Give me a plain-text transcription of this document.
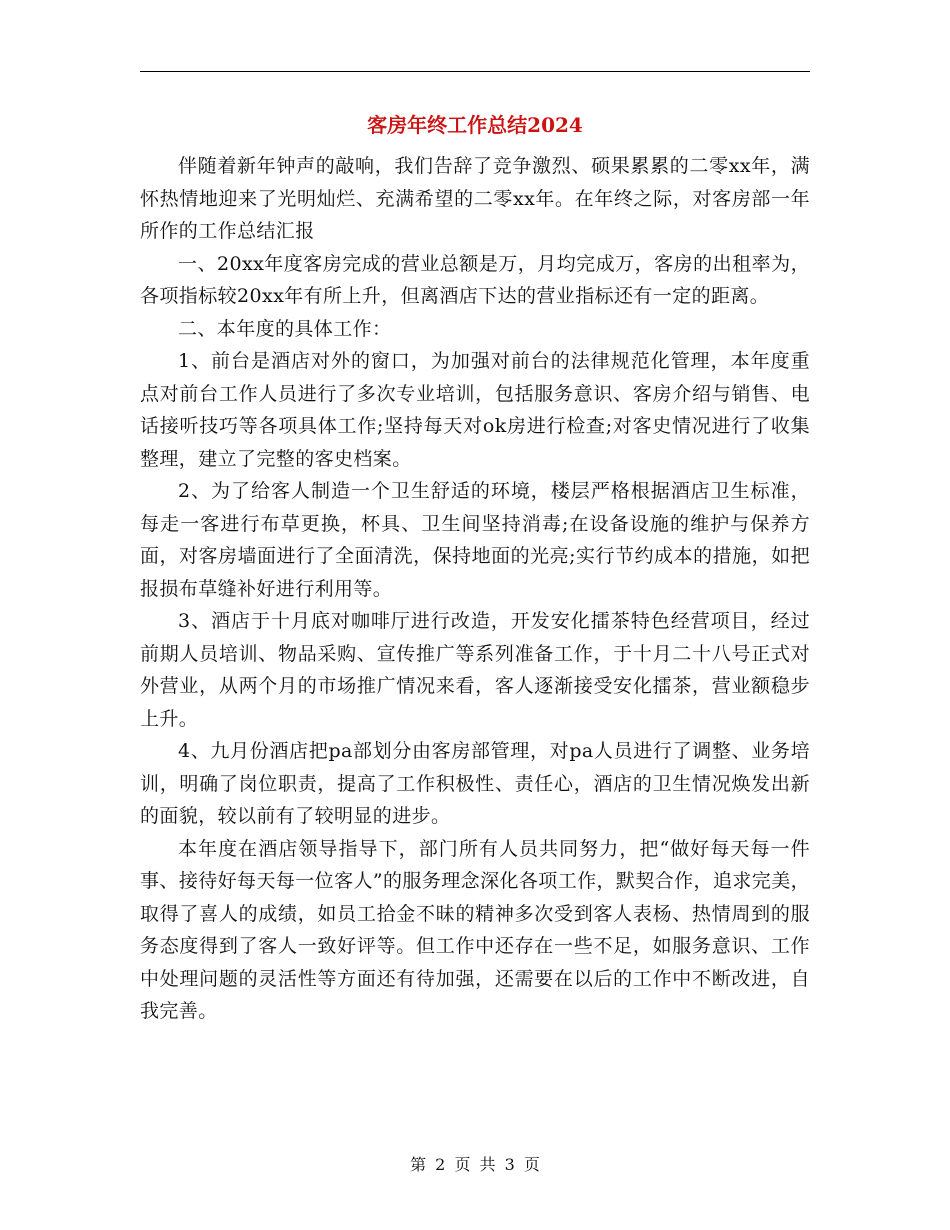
客房年终工作总结2024

伴随着新年钟声的敲响，我们告辞了竞争激烈、硕果累累的二零xx年，满怀热情地迎来了光明灿烂、充满希望的二零xx年。在年终之际，对客房部一年所作的工作总结汇报

一、20xx年度客房完成的营业总额是万，月均完成万，客房的出租率为，各项指标较20xx年有所上升，但离酒店下达的营业指标还有一定的距离。

二、本年度的具体工作：

1、前台是酒店对外的窗口，为加强对前台的法律规范化管理，本年度重点对前台工作人员进行了多次专业培训，包括服务意识、客房介绍与销售、电话接听技巧等各项具体工作;坚持每天对ok房进行检查;对客史情况进行了收集整理，建立了完整的客史档案。

2、为了给客人制造一个卫生舒适的环境，楼层严格根据酒店卫生标准，每走一客进行布草更换，杯具、卫生间坚持消毒;在设备设施的维护与保养方面，对客房墙面进行了全面清洗，保持地面的光亮;实行节约成本的措施，如把报损布草缝补好进行利用等。

3、酒店于十月底对咖啡厅进行改造，开发安化擂茶特色经营项目，经过前期人员培训、物品采购、宣传推广等系列准备工作，于十月二十八号正式对外营业，从两个月的市场推广情况来看，客人逐渐接受安化擂茶，营业额稳步上升。

4、九月份酒店把pa部划分由客房部管理，对pa人员进行了调整、业务培训，明确了岗位职责，提高了工作积极性、责任心，酒店的卫生情况焕发出新的面貌，较以前有了较明显的进步。

本年度在酒店领导指导下，部门所有人员共同努力，把“做好每天每一件事、接待好每天每一位客人”的服务理念深化各项工作，默契合作，追求完美，取得了喜人的成绩，如员工拾金不昧的精神多次受到客人表杨、热情周到的服务态度得到了客人一致好评等。但工作中还存在一些不足，如服务意识、工作中处理问题的灵活性等方面还有待加强，还需要在以后的工作中不断改进，自我完善。

第 2 页 共 3 页
